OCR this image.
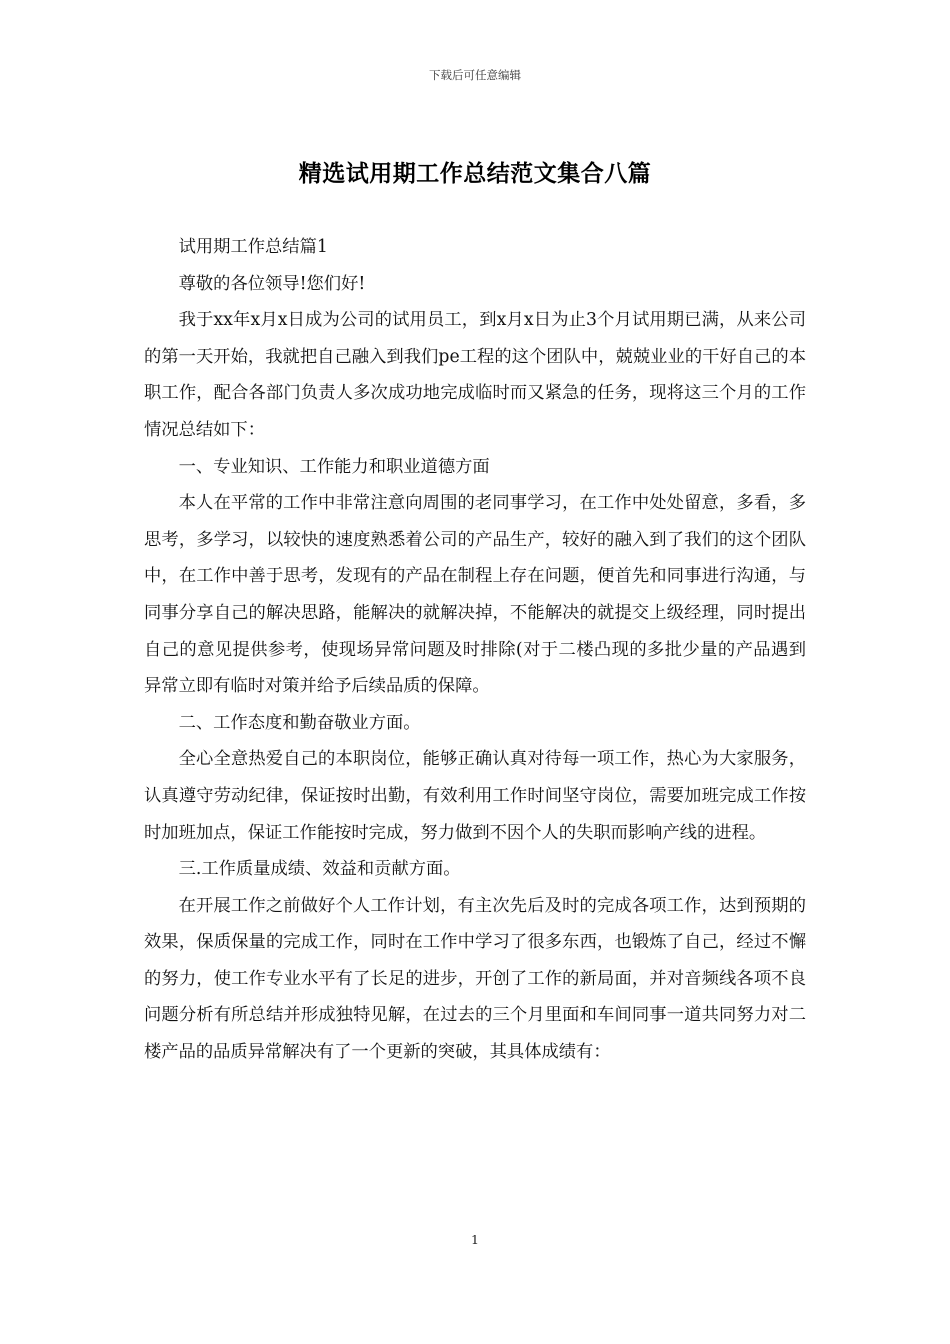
下载后可任意编辑
精选试用期工作总结范文集合八篇

试用期工作总结篇1

尊敬的各位领导!您们好!

我于xx年x月x日成为公司的试用员工，到x月x日为止3个月试用期已满，从来公司的第一天开始，我就把自己融入到我们pe工程的这个团队中，兢兢业业的干好自己的本职工作，配合各部门负责人多次成功地完成临时而又紧急的任务，现将这三个月的工作情况总结如下：

一、专业知识、工作能力和职业道德方面

本人在平常的工作中非常注意向周围的老同事学习，在工作中处处留意，多看，多思考，多学习，以较快的速度熟悉着公司的产品生产，较好的融入到了我们的这个团队中，在工作中善于思考，发现有的产品在制程上存在问题，便首先和同事进行沟通，与同事分享自己的解决思路，能解决的就解决掉，不能解决的就提交上级经理，同时提出自己的意见提供参考，使现场异常问题及时排除(对于二楼凸现的多批少量的产品遇到异常立即有临时对策并给予后续品质的保障。

二、工作态度和勤奋敬业方面。

全心全意热爱自己的本职岗位，能够正确认真对待每一项工作，热心为大家服务，认真遵守劳动纪律，保证按时出勤，有效利用工作时间坚守岗位，需要加班完成工作按时加班加点，保证工作能按时完成，努力做到不因个人的失职而影响产线的进程。

三.工作质量成绩、效益和贡献方面。

在开展工作之前做好个人工作计划，有主次先后及时的完成各项工作，达到预期的效果，保质保量的完成工作，同时在工作中学习了很多东西，也锻炼了自己，经过不懈的努力，使工作专业水平有了长足的进步，开创了工作的新局面，并对音频线各项不良问题分析有所总结并形成独特见解，在过去的三个月里面和车间同事一道共同努力对二楼产品的品质异常解决有了一个更新的突破，其具体成绩有：

1
